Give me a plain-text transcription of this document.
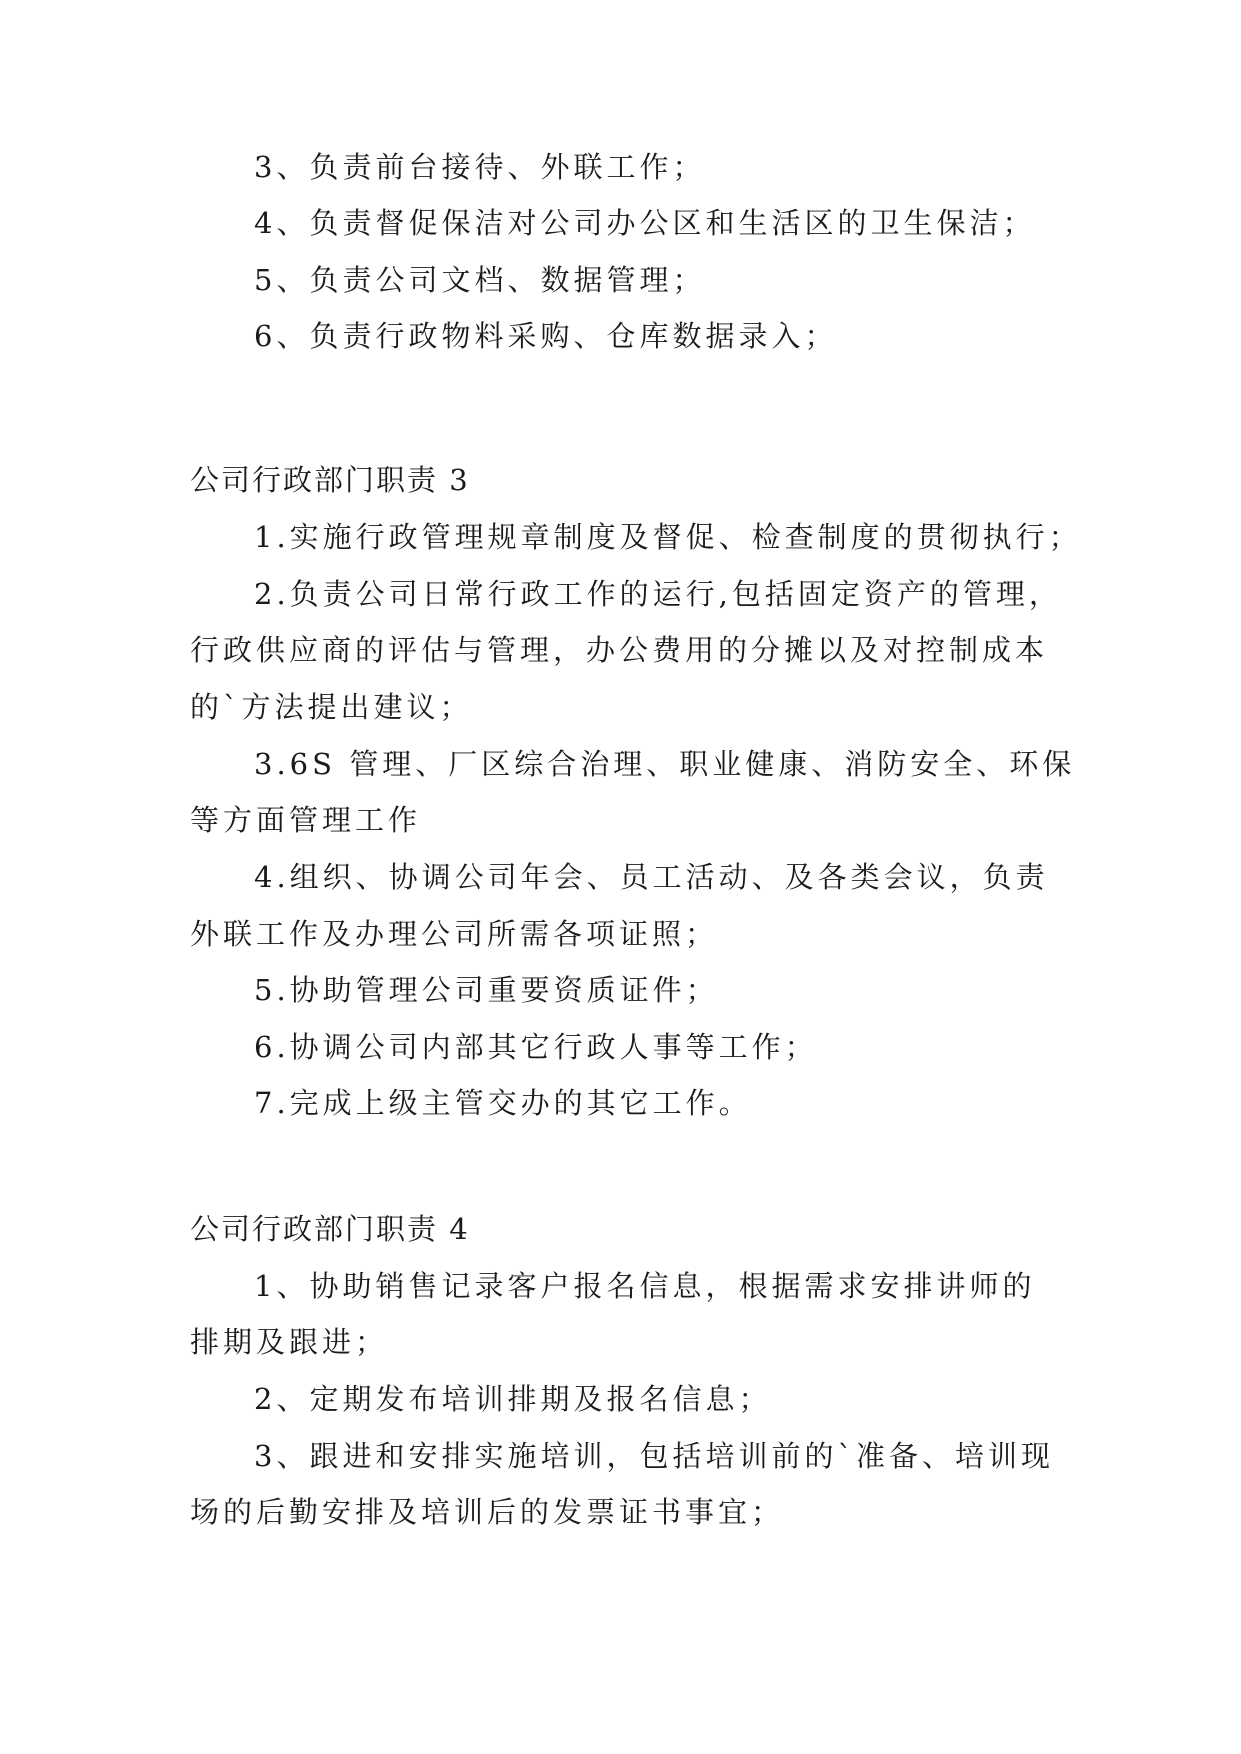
3、负责前台接待、外联工作；
4、负责督促保洁对公司办公区和生活区的卫生保洁；
5、负责公司文档、数据管理；
6、负责行政物料采购、仓库数据录入；
公司行政部门职责 3
1.实施行政管理规章制度及督促、检查制度的贯彻执行；
2.负责公司日常行政工作的运行,包括固定资产的管理，
行政供应商的评估与管理，办公费用的分摊以及对控制成本
的`方法提出建议；
3.6S 管理、厂区综合治理、职业健康、消防安全、环保
等方面管理工作
4.组织、协调公司年会、员工活动、及各类会议，负责
外联工作及办理公司所需各项证照；
5.协助管理公司重要资质证件；
6.协调公司内部其它行政人事等工作；
7.完成上级主管交办的其它工作。
公司行政部门职责 4
1、协助销售记录客户报名信息，根据需求安排讲师的
排期及跟进；
2、定期发布培训排期及报名信息；
3、跟进和安排实施培训，包括培训前的`准备、培训现
场的后勤安排及培训后的发票证书事宜；
